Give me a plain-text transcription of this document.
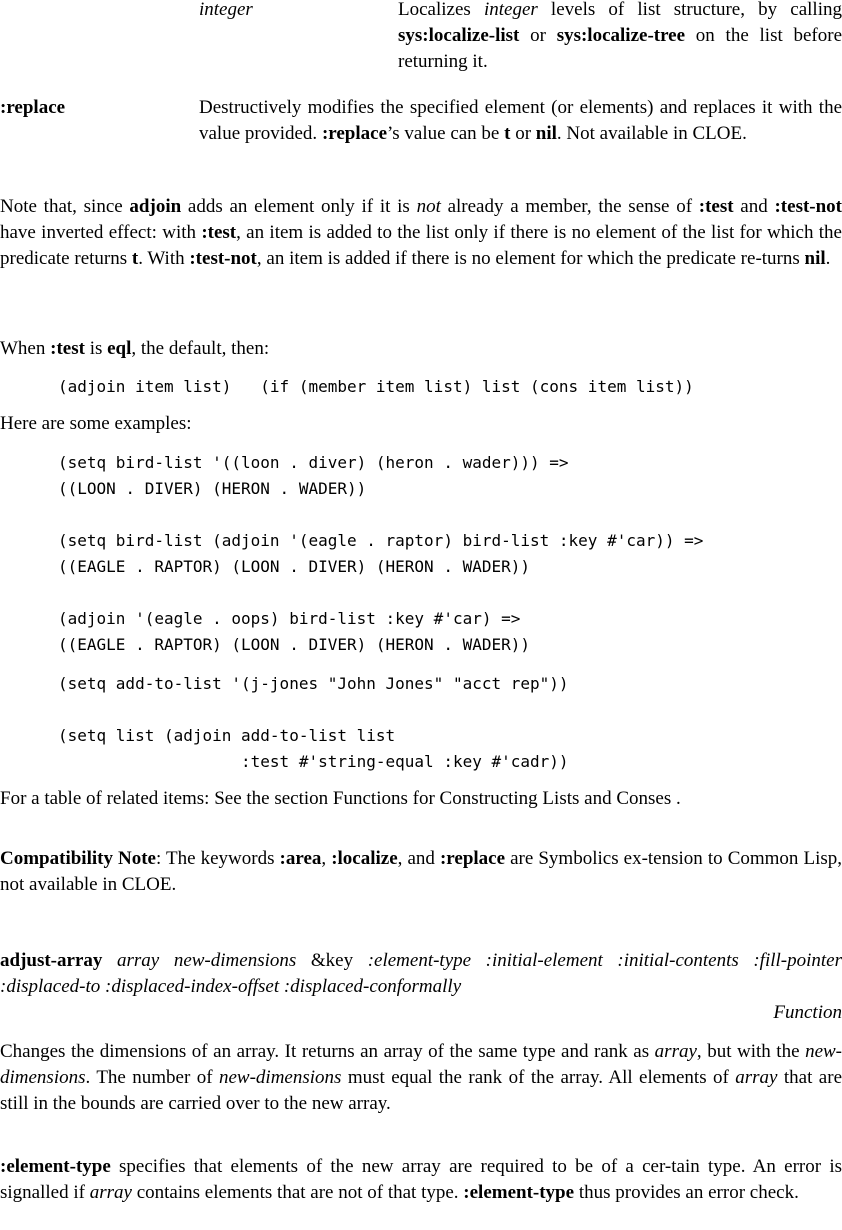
integer	Localizes integer levels of list structure, by calling sys:localize-list or sys:localize-tree on the list before returning it.
:replace	Destructively modifies the specified element (or elements) and replaces it with the value provided. :replace’s value can be t or nil. Not available in CLOE.

Note that, since adjoin adds an element only if it is not already a member, the sense of :test and :test-not have inverted effect: with :test, an item is added to the list only if there is no element of the list for which the predicate returns t. With :test-not, an item is added if there is no element for which the predicate re-turns nil.

When :test is eql, the default, then:

(adjoin item list)   (if (member item list) list (cons item list))

Here are some examples:

(setq bird-list '((loon . diver) (heron . wader))) =>
((LOON . DIVER) (HERON . WADER))

(setq bird-list (adjoin '(eagle . raptor) bird-list :key #'car)) =>
((EAGLE . RAPTOR) (LOON . DIVER) (HERON . WADER))

(adjoin '(eagle . oops) bird-list :key #'car) =>
((EAGLE . RAPTOR) (LOON . DIVER) (HERON . WADER))
(setq add-to-list '(j-jones "John Jones" "acct rep"))

(setq list (adjoin add-to-list list
:test #'string-equal :key #'cadr))

For a table of related items: See the section Functions for Constructing Lists and Conses .

Compatibility Note: The keywords :area, :localize, and :replace are Symbolics ex-tension to Common Lisp, not available in CLOE.

adjust-array array new-dimensions &key :element-type :initial-element :initial-contents :fill-pointer :displaced-to :displaced-index-offset :displaced-conformally

Function

Changes the dimensions of an array. It returns an array of the same type and rank as array, but with the new-dimensions. The number of new-dimensions must equal the rank of the array. All elements of array that are still in the bounds are carried over to the new array.

:element-type specifies that elements of the new array are required to be of a cer-tain type. An error is signalled if array contains elements that are not of that type. :element-type thus provides an error check.
